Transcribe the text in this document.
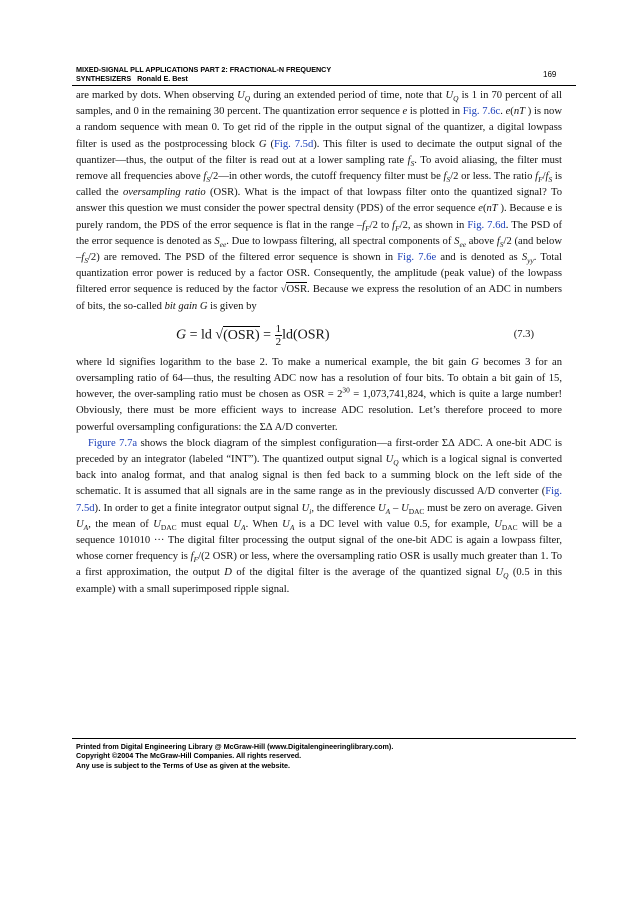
MIXED-SIGNAL PLL APPLICATIONS PART 2: FRACTIONAL-N FREQUENCY
SYNTHESIZERS   Ronald E. Best	169

are marked by dots. When observing $U_Q$ during an extended period of time, note that $U_Q$ is 1 in 70 percent of all samples, and 0 in the remaining 30 percent. The quantization error sequence e is plotted in Fig. 7.6c. e(nT ) is now a random sequence with mean 0. To get rid of the ripple in the output signal of the quantizer, a digital lowpass filter is used as the postprocessing block G (Fig. 7.5d). This filter is used to decimate the output signal of the quantizer—thus, the output of the filter is read out at a lower sampling rate $f_S$. To avoid aliasing, the filter must remove all frequencies above $f_S/2—in$ other words, the cutoff frequency filter must be $f_S/2$ or less. The ratio $f_F/f_S$ is called the oversampling ratio (OSR). What is the impact of that lowpass filter onto the quantized signal? To answer this question we must consider the power spectral density (PDS) of the error sequence e(nT ). Because e is purely random, the PDS of the error sequence is flat in the range $-f_F/2$ to $f_F/2$, as shown in Fig. 7.6d. The PSD of the error sequence is denoted as $S_{ee}$. Due to lowpass filtering, all spectral components of $S_{ee}$ above $f_S/2$ (and below $-f_S/2$) are removed. The PSD of the filtered error sequence is shown in Fig. 7.6e and is denoted as $S_{yy}$. Total quantization error power is reduced by a factor OSR. Consequently, the amplitude (peak value) of the lowpass filtered error sequence is reduced by the factor √OSR. Because we express the resolution of an ADC in numbers of bits, the so-called bit gain G is given by

G = ld $√(OSR) = \frac{1}{2} ld(OSR)$	(7.3)

where ld signifies logarithm to the base 2. To make a numerical example, the bit gain G becomes 3 for an oversampling ratio of 64—thus, the resulting ADC now has a resolution of four bits. To obtain a bit gain of 15, however, the over-sampling ratio must be chosen as OSR = $2^{30} = 1,073,741,824$, which is quite a large number! Obviously, there must be more efficient ways to increase ADC resolution. Let’s therefore proceed to more powerful oversampling configurations: the ΣΔ A/D converter.

Figure 7.7a shows the block diagram of the simplest configuration—a first-order ΣΔ ADC. A one-bit ADC is preceded by an integrator (labeled “INT”). The quantized output signal $U_Q$ which is a logical signal is converted back into analog format, and that analog signal is then fed back to a summing block on the left side of the schematic. It is assumed that all signals are in the same range as in the previously discussed A/D converter (Fig. 7.5d). In order to get a finite integrator output signal $U_i$, the difference $U_A - U_{DAC}$ must be zero on average. Given $U_A$, the mean of $U_{DAC}$ must equal $U_A$. When $U_A$ is a DC level with value 0.5, for example, $U_{DAC}$ will be a sequence 101010 ··· The digital filter processing the output signal of the one-bit ADC is again a lowpass filter, whose corner frequency is $f_F/(2$ OSR) or less, where the oversampling ratio OSR is usally much greater than 1. To a first approximation, the output D of the digital filter is the average of the quantized signal $U_Q$ (0.5 in this example) with a small superimposed ripple signal.

Printed from Digital Engineering Library @ McGraw-Hill (www.Digitalengineeringlibrary.com).
Copyright ©2004 The McGraw-Hill Companies. All rights reserved.
Any use is subject to the Terms of Use as given at the website.
